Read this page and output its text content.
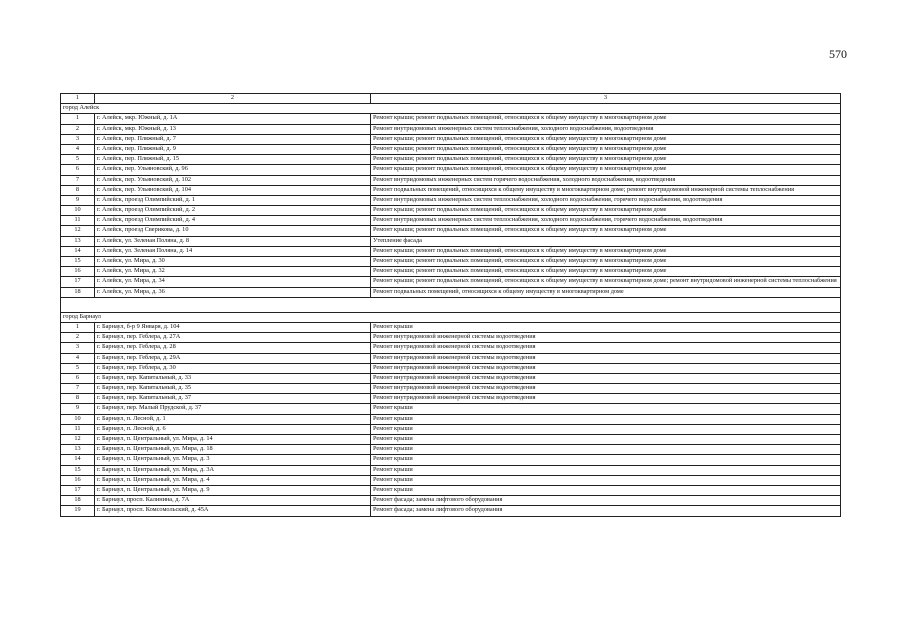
570
1	2	3
город Алейск		
1	г. Алейск, мкр. Южный, д. 1А	Ремонт крыши; ремонт подвальных помещений, относящихся к общему имуществу в многоквартирном доме
2	г. Алейск, мкр. Южный, д. 13	Ремонт внутридомовых инженерных систем теплоснабжения, холодного водоснабжения, водоотведения
3	г. Алейск, пер. Пляжный, д. 7	Ремонт крыши; ремонт подвальных помещений, относящихся к общему имуществу в многоквартирном доме
4	г. Алейск, пер. Пляжный, д. 9	Ремонт крыши; ремонт подвальных помещений, относящихся к общему имуществу в многоквартирном доме
5	г. Алейск, пер. Пляжный, д. 15	Ремонт крыши; ремонт подвальных помещений, относящихся к общему имуществу в многоквартирном доме
6	г. Алейск, пер. Ульяновский, д. 96	Ремонт крыши; ремонт подвальных помещений, относящихся к общему имуществу в многоквартирном доме
7	г. Алейск, пер. Ульяновский, д. 102	Ремонт внутридомовых инженерных систем горячего водоснабжения, холодного водоснабжения, водоотведения
8	г. Алейск, пер. Ульяновский, д. 104	Ремонт подвальных помещений, относящихся к общему имуществу в многоквартирном доме; ремонт внутридомовой инженерной системы теплоснабжения
9	г. Алейск, проезд Олимпийский, д. 1	Ремонт внутридомовых инженерных систем теплоснабжения, холодного водоснабжения, горячего водоснабжения, водоотведения
10	г. Алейск, проезд Олимпийский, д. 2	Ремонт крыши; ремонт подвальных помещений, относящихся к общему имуществу в многоквартирном доме
11	г. Алейск, проезд Олимпийский, д. 4	Ремонт внутридомовых инженерных систем теплоснабжения, холодного водоснабжения, горячего водоснабжения, водоотведения
12	г. Алейск, проезд Сверикова, д. 10	Ремонт крыши; ремонт подвальных помещений, относящихся к общему имуществу в многоквартирном доме
13	г. Алейск, ул. Зеленая Поляна, д. 8	Утепление фасада
14	г. Алейск, ул. Зеленая Поляна, д. 14	Ремонт крыши; ремонт подвальных помещений, относящихся к общему имуществу в многоквартирном доме
15	г. Алейск, ул. Мира, д. 30	Ремонт крыши; ремонт подвальных помещений, относящихся к общему имуществу в многоквартирном доме
16	г. Алейск, ул. Мира, д. 32	Ремонт крыши; ремонт подвальных помещений, относящихся к общему имуществу в многоквартирном доме
17	г. Алейск, ул. Мира, д. 34	Ремонт крыши; ремонт подвальных помещений, относящихся к общему имуществу в многоквартирном доме; ремонт внутридомовой инженерной системы теплоснабжения
18	г. Алейск, ул. Мира, д. 36	Ремонт подвальных помещений, относящихся к общему имуществу в многоквартирном доме

город Барнаул		
1	г. Барнаул, б-р 9 Января, д. 104	Ремонт крыши
2	г. Барнаул, пер. Геблера, д. 27А	Ремонт внутридомовой инженерной системы водоотведения
3	г. Барнаул, пер. Геблера, д. 28	Ремонт внутридомовой инженерной системы водоотведения
4	г. Барнаул, пер. Геблера, д. 29А	Ремонт внутридомовой инженерной системы водоотведения
5	г. Барнаул, пер. Геблера, д. 30	Ремонт внутридомовой инженерной системы водоотведения
6	г. Барнаул, пер. Капитальный, д. 33	Ремонт внутридомовой инженерной системы водоотведения
7	г. Барнаул, пер. Капитальный, д. 35	Ремонт внутридомовой инженерной системы водоотведения
8	г. Барнаул, пер. Капитальный, д. 37	Ремонт внутридомовой инженерной системы водоотведения
9	г. Барнаул, пер. Малый Прудской, д. 37	Ремонт крыши
10	г. Барнаул, п. Лесной, д. 1	Ремонт крыши
11	г. Барнаул, п. Лесной, д. 6	Ремонт крыши
12	г. Барнаул, п. Центральный, ул. Мира, д. 14	Ремонт крыши
13	г. Барнаул, п. Центральный, ул. Мира, д. 18	Ремонт крыши
14	г. Барнаул, п. Центральный, ул. Мира, д. 3	Ремонт крыши
15	г. Барнаул, п. Центральный, ул. Мира, д. 3А	Ремонт крыши
16	г. Барнаул, п. Центральный, ул. Мира, д. 4	Ремонт крыши
17	г. Барнаул, п. Центральный, ул. Мира, д. 9	Ремонт крыши
18	г. Барнаул, просп. Калинина, д. 7А	Ремонт фасада; замена лифтового оборудования
19	г. Барнаул, просп. Комсомольский, д. 45А	Ремонт фасада; замена лифтового оборудования
